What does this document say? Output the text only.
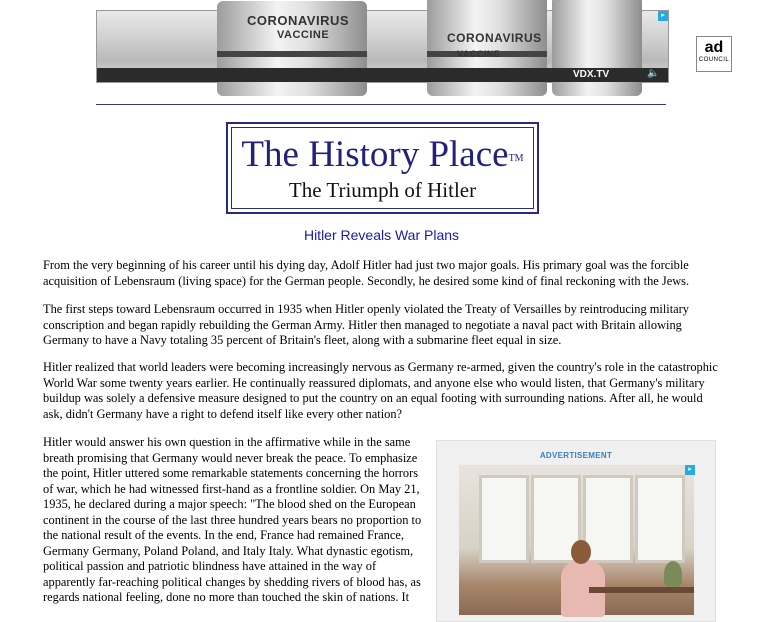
CORONAVIRUS
VACCINE	CORONAVIRUS
VACCINE	ad
COUNCIL
VDX.TV	🔈
▸
The History Place™
The Triumph of Hitler
Hitler Reveals War Plans

From the very beginning of his career until his dying day, Adolf Hitler had just two major goals. His primary goal was the forcible acquisition of Lebensraum (living space) for the German people. Secondly, he desired some kind of final reckoning with the Jews.

The first steps toward Lebensraum occurred in 1935 when Hitler openly violated the Treaty of Versailles by reintroducing military conscription and began rapidly rebuilding the German Army. Hitler then managed to negotiate a naval pact with Britain allowing Germany to have a Navy totaling 35 percent of Britain's fleet, along with a submarine fleet equal in size.

Hitler realized that world leaders were becoming increasingly nervous as Germany re-armed, given the country's role in the catastrophic World War some twenty years earlier. He continually reassured diplomats, and anyone else who would listen, that Germany's military buildup was solely a defensive measure designed to put the country on an equal footing with surrounding nations. After all, he would ask, didn't Germany have a right to defend itself like every other nation?

Hitler would answer his own question in the affirmative while in the same breath promising that Germany would never break the peace. To emphasize the point, Hitler uttered some remarkable statements concerning the horrors of war, which he had witnessed first-hand as a frontline soldier. On May 21, 1935, he declared during a major speech: "The blood shed on the European continent in the course of the last three hundred years bears no proportion to the national result of the events. In the end, France had remained France, Germany Germany, Poland Poland, and Italy Italy. What dynastic egotism, political passion and patriotic blindness have attained in the way of apparently far-reaching political changes by shedding rivers of blood has, as regards national feeling, done no more than touched the skin of nations. It

ADVERTISEMENT
▸
